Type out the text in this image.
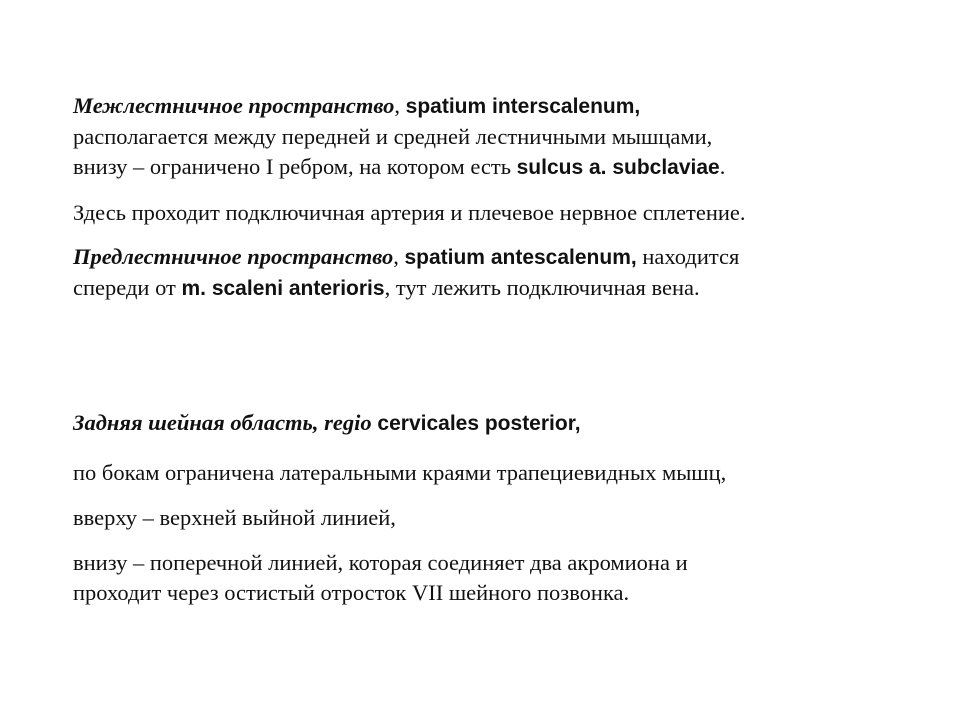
Межлестничное пространство, spatium interscalenum,

располагается между передней и средней лестничными мышцами,

внизу – ограничено I ребром, на котором есть sulcus a. subclaviae.

Здесь проходит подключичная артерия и плечевое нервное сплетение.

Предлестничное пространство, spatium antescalenum, находится

спереди от m. scaleni anterioris, тут лежить подключичная вена.

Задняя шейная область, regio cervicales posterior,

по бокам ограничена латеральными краями трапециевидных мышц,

вверху – верхней выйной линией,

внизу – поперечной линией, которая соединяет два акромиона и

проходит через остистый отросток VII шейного позвонка.
